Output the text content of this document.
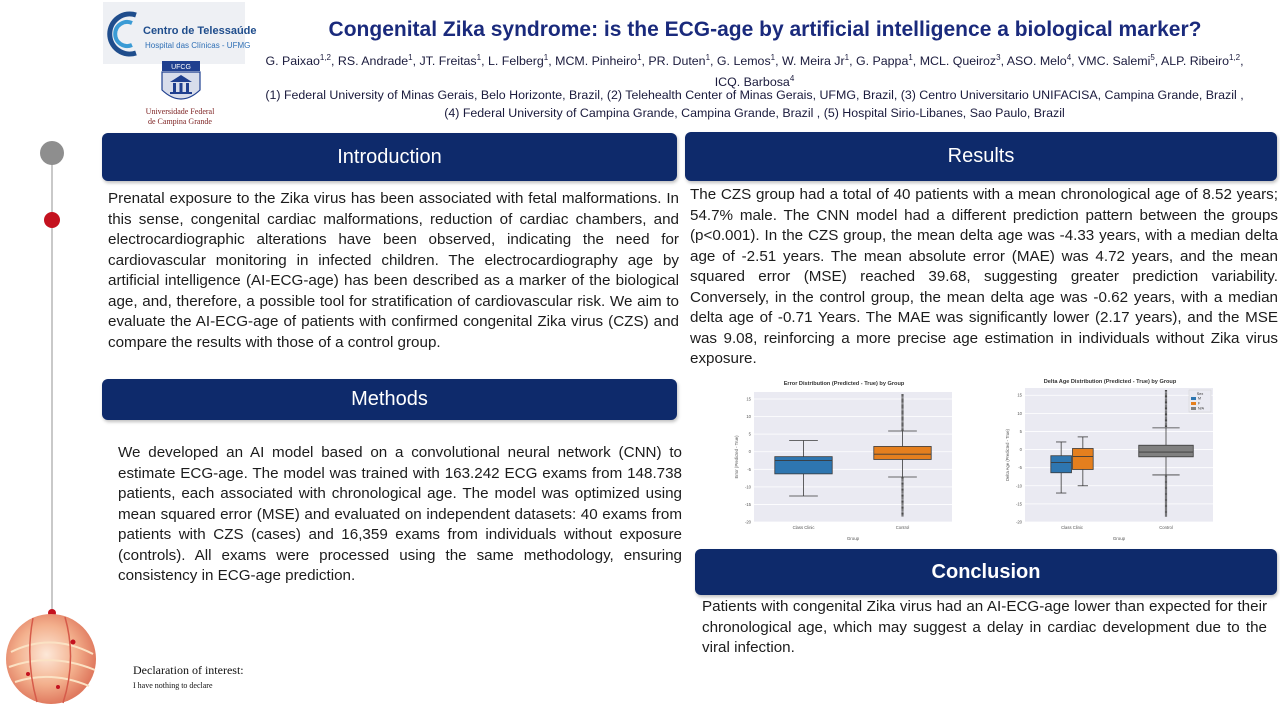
Centro de Telessaúde
Hospital das Clínicas - UFMG
UFCG
Universidade Federal
de Campina Grande
Congenital Zika syndrome: is the ECG-age by artificial intelligence a biological marker?
G. Paixao$^{1,2}$, RS. Andrade$^1$, JT. Freitas$^1$, L. Felberg$^1$, MCM. Pinheiro$^1$, PR. Duten$^1$, G. Lemos$^1$, W. Meira Jr$^1$, G. Pappa$^1$, MCL. Queiroz$^3$, ASO. Melo$^4$, VMC. Salemi$^5$, ALP. Ribeiro$^{1,2}$, ICQ. Barbosa$^4$
(1) Federal University of Minas Gerais, Belo Horizonte, Brazil, (2) Telehealth Center of Minas Gerais, UFMG, Brazil, (3) Centro Universitario UNIFACISA, Campina Grande, Brazil , (4) Federal University of Campina Grande, Campina Grande, Brazil , (5) Hospital Sirio-Libanes, Sao Paulo, Brazil
Introduction
Prenatal exposure to the Zika virus has been associated with fetal malformations. In this sense, congenital cardiac malformations, reduction of cardiac chambers, and electrocardiographic alterations have been observed, indicating the need for cardiovascular monitoring in infected children. The electrocardiography age by artificial intelligence (AI-ECG-age) has been described as a marker of the biological age, and, therefore, a possible tool for stratification of cardiovascular risk. We aim to evaluate the AI-ECG-age of patients with confirmed congenital Zika virus (CZS) and compare the results with those of a control group.
Methods
We developed an AI model based on a convolutional neural network (CNN) to estimate ECG-age. The model was trained with 163.242 ECG exams from 148.738 patients, each associated with chronological age. The model was optimized using mean squared error (MSE) and evaluated on independent datasets: 40 exams from patients with CZS (cases) and 16,359 exams from individuals without exposure (controls). All exams were processed using the same methodology, ensuring consistency in ECG-age prediction.
Declaration of interest:
I have nothing to declare
Results
The CZS group had a total of 40 patients with a mean chronological age of 8.52 years; 54.7% male. The CNN model had a different prediction pattern between the groups (p<0.001). In the CZS group, the mean delta age was -4.33 years, with a median delta age of -2.51 years. The mean absolute error (MAE) was 4.72 years, and the mean squared error (MSE) reached 39.68, suggesting greater prediction variability. Conversely, in the control group, the mean delta age was -0.62 years, with a median delta age of -0.71 Years. The MAE was significantly lower (2.17 years), and the MSE was 9.08, reinforcing a more precise age estimation in individuals without Zika virus exposure.
Error Distribution (Predicted - True) by Group
-20
-15
-10
-5
0
5
10
15
Error (Predicted - True)
Group
Class Clinic	Control
Delta Age Distribution (Predicted - True) by Group
-20
-15
-10
-5
0
5
10
15
Delta Age (Predicted - True)
Group
Class Clinic	Control
Sex
M
F
N/A
Conclusion
Patients with congenital Zika virus had an AI-ECG-age lower than expected for their chronological age, which may suggest a delay in cardiac development due to the viral infection.
